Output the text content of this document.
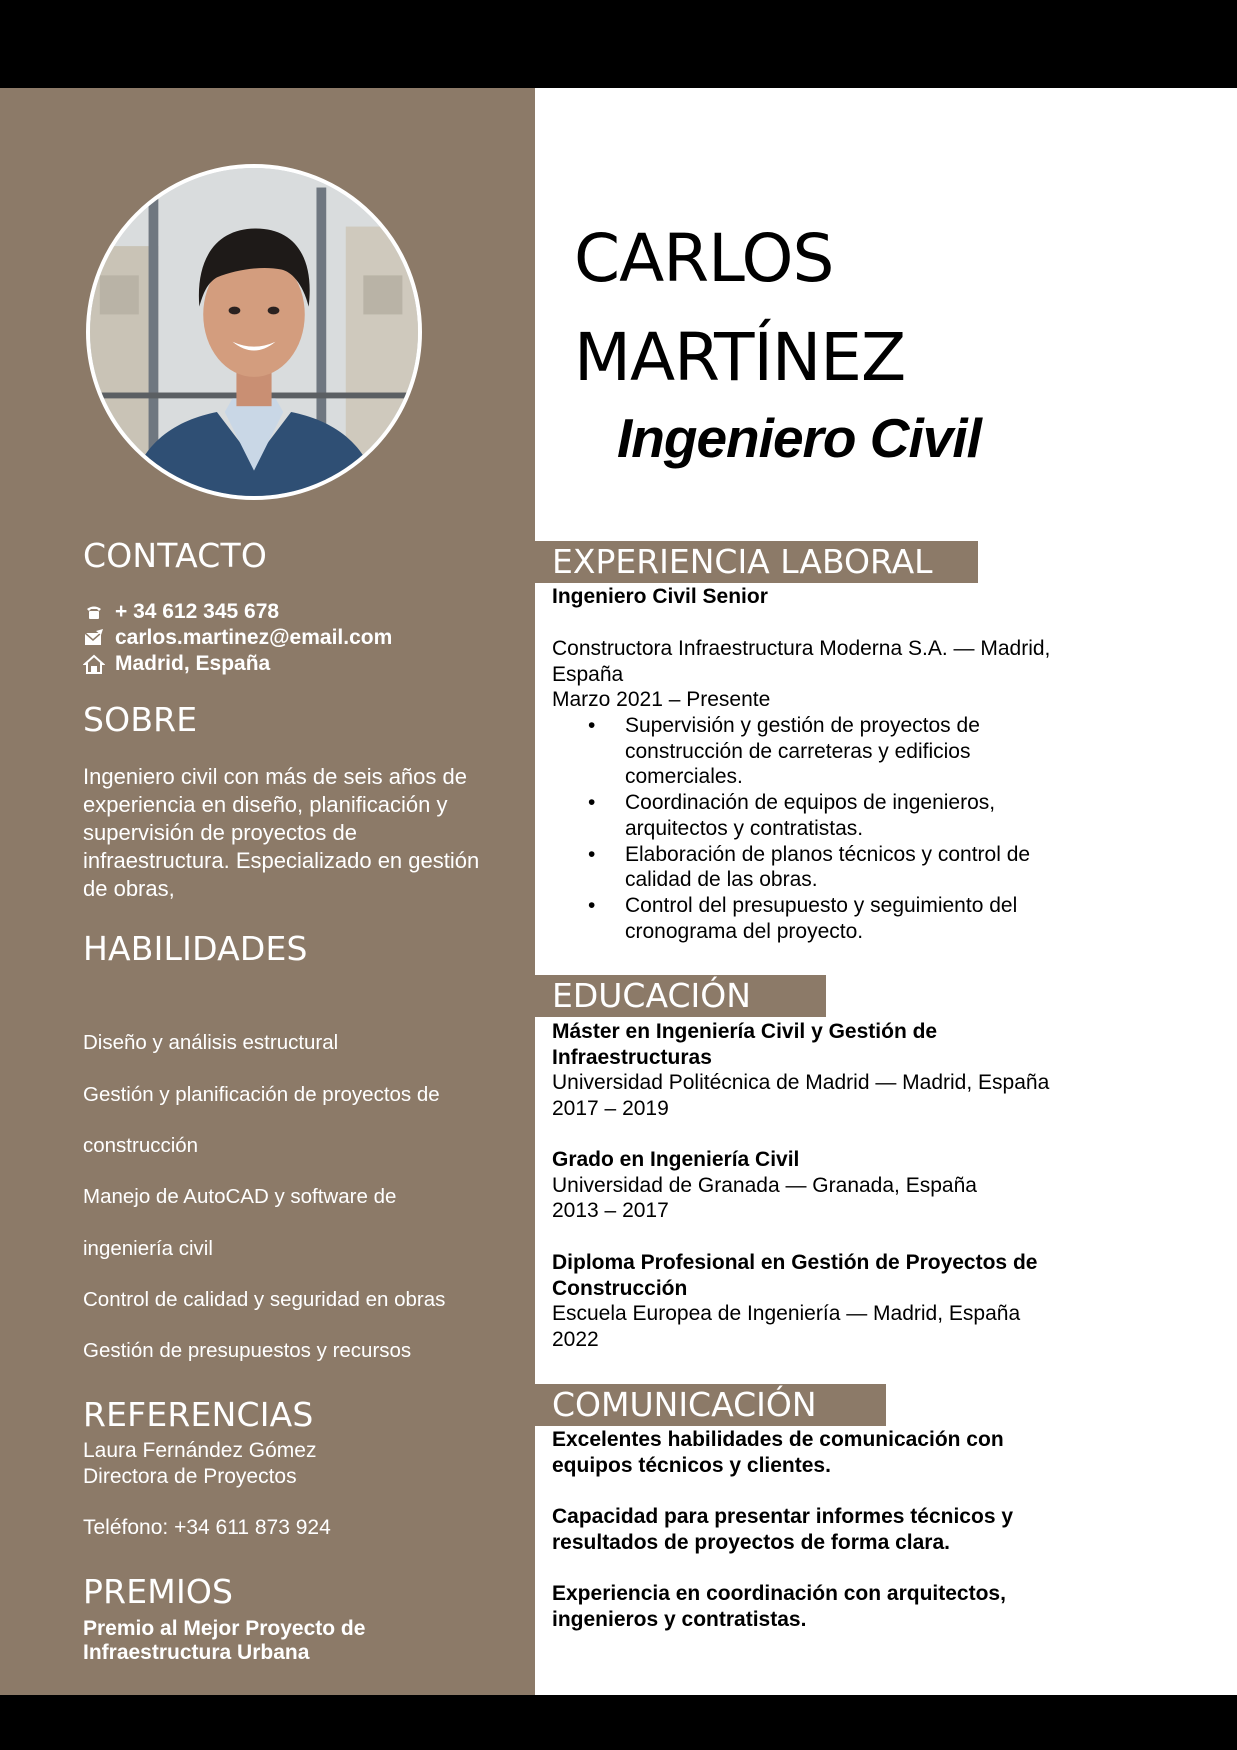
CONTACTO
+ 34 612 345 678
carlos.martinez@email.com
Madrid, España
SOBRE
Ingeniero civil con más de seis años de experiencia en diseño, planificación y supervisión de proyectos de infraestructura. Especializado en gestión de obras,
HABILIDADES
Diseño y análisis estructural
Gestión y planificación de proyectos de
construcción
Manejo de AutoCAD y software de
ingeniería civil
Control de calidad y seguridad en obras
Gestión de presupuestos y recursos
REFERENCIAS
Laura Fernández Gómez
Directora de Proyectos
Teléfono: +34 611 873 924
PREMIOS
Premio al Mejor Proyecto de
Infraestructura Urbana
CARLOS
MARTÍNEZ
Ingeniero Civil
EXPERIENCIA LABORAL
Ingeniero Civil Senior
Constructora Infraestructura Moderna S.A. — Madrid,
España
Marzo 2021 – Presente
• Supervisión y gestión de proyectos de
construcción de carreteras y edificios
comerciales.
• Coordinación de equipos de ingenieros,
arquitectos y contratistas.
• Elaboración de planos técnicos y control de
calidad de las obras.
• Control del presupuesto y seguimiento del
cronograma del proyecto.
EDUCACIÓN
Máster en Ingeniería Civil y Gestión de
Infraestructuras
Universidad Politécnica de Madrid — Madrid, España
2017 – 2019
Grado en Ingeniería Civil
Universidad de Granada — Granada, España
2013 – 2017
Diploma Profesional en Gestión de Proyectos de
Construcción
Escuela Europea de Ingeniería — Madrid, España
2022
COMUNICACIÓN
Excelentes habilidades de comunicación con
equipos técnicos y clientes.
Capacidad para presentar informes técnicos y
resultados de proyectos de forma clara.
Experiencia en coordinación con arquitectos,
ingenieros y contratistas.
